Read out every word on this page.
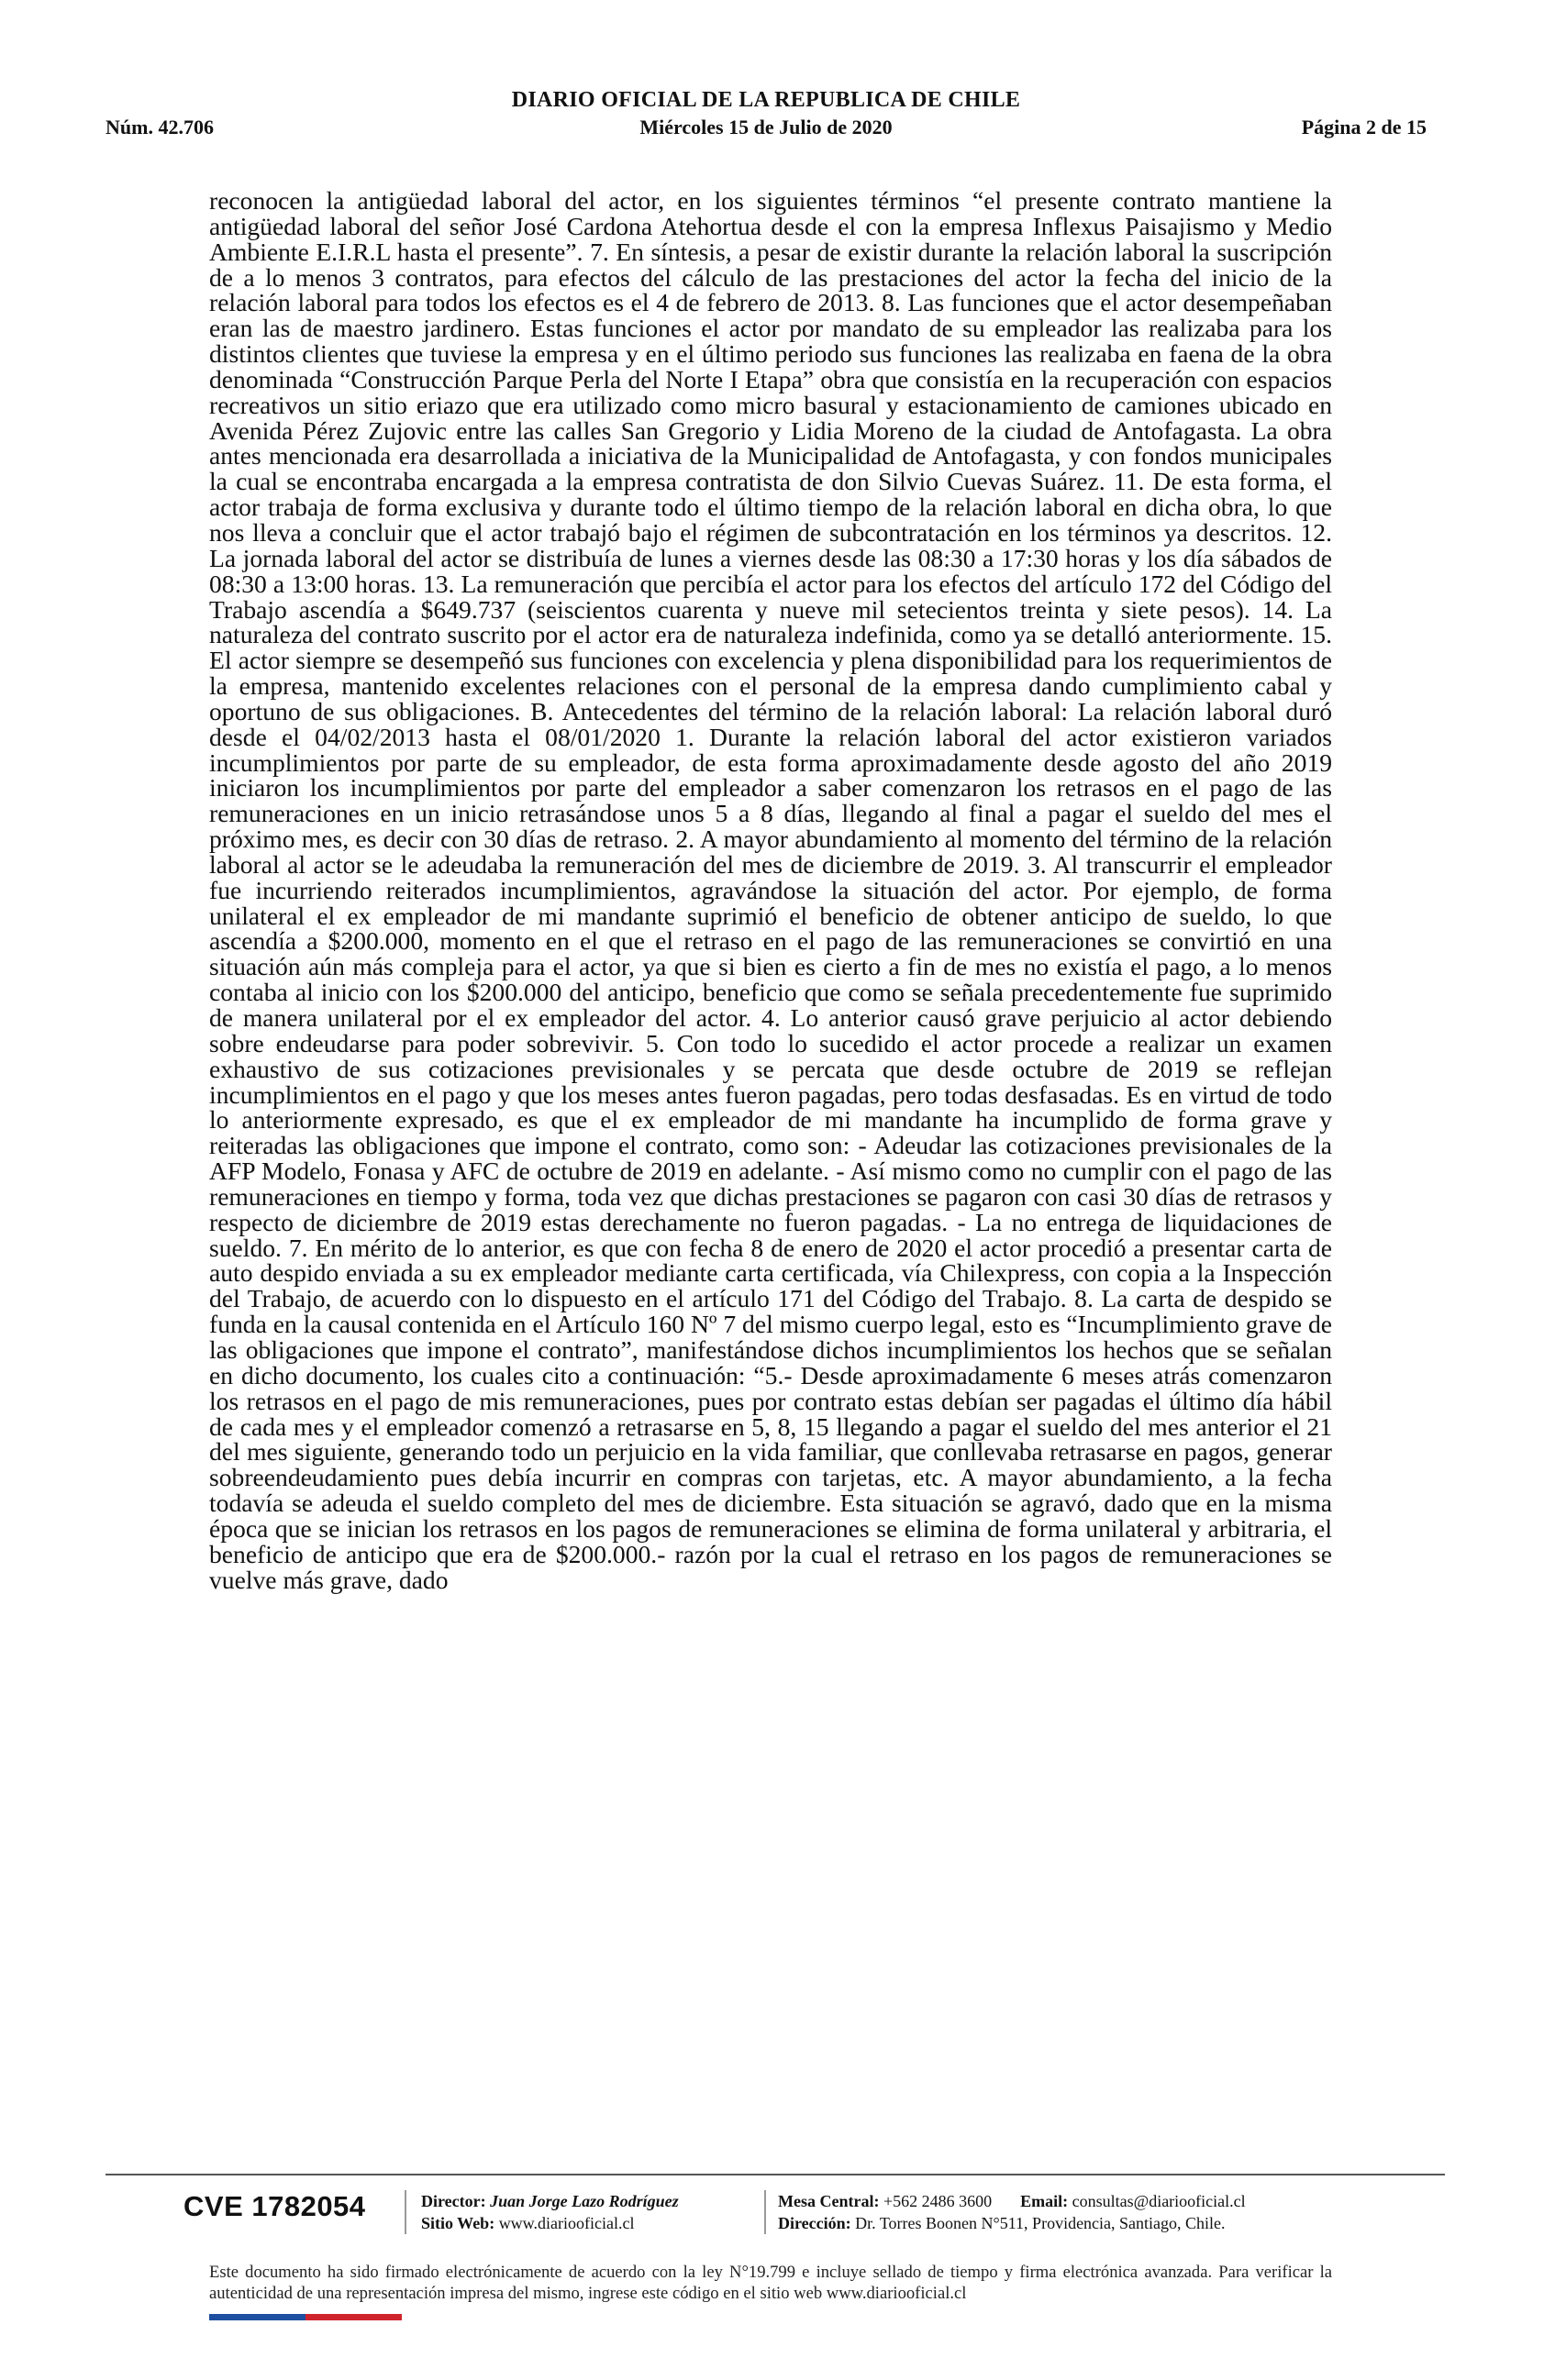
DIARIO OFICIAL DE LA REPUBLICA DE CHILE
Núm. 42.706	Miércoles 15 de Julio de 2020	Página 2 de 15

reconocen la antigüedad laboral del actor, en los siguientes términos “el presente contrato mantiene la antigüedad laboral del señor José Cardona Atehortua desde el con la empresa Inflexus Paisajismo y Medio Ambiente E.I.R.L hasta el presente”. 7. En síntesis, a pesar de existir durante la relación laboral la suscripción de a lo menos 3 contratos, para efectos del cálculo de las prestaciones del actor la fecha del inicio de la relación laboral para todos los efectos es el 4 de febrero de 2013. 8. Las funciones que el actor desempeñaban eran las de maestro jardinero. Estas funciones el actor por mandato de su empleador las realizaba para los distintos clientes que tuviese la empresa y en el último periodo sus funciones las realizaba en faena de la obra denominada “Construcción Parque Perla del Norte I Etapa” obra que consistía en la recuperación con espacios recreativos un sitio eriazo que era utilizado como micro basural y estacionamiento de camiones ubicado en Avenida Pérez Zujovic entre las calles San Gregorio y Lidia Moreno de la ciudad de Antofagasta. La obra antes mencionada era desarrollada a iniciativa de la Municipalidad de Antofagasta, y con fondos municipales la cual se encontraba encargada a la empresa contratista de don Silvio Cuevas Suárez. 11. De esta forma, el actor trabaja de forma exclusiva y durante todo el último tiempo de la relación laboral en dicha obra, lo que nos lleva a concluir que el actor trabajó bajo el régimen de subcontratación en los términos ya descritos. 12. La jornada laboral del actor se distribuía de lunes a viernes desde las 08:30 a 17:30 horas y los día sábados de 08:30 a 13:00 horas. 13. La remuneración que percibía el actor para los efectos del artículo 172 del Código del Trabajo ascendía a $649.737 (seiscientos cuarenta y nueve mil setecientos treinta y siete pesos). 14. La naturaleza del contrato suscrito por el actor era de naturaleza indefinida, como ya se detalló anteriormente. 15. El actor siempre se desempeñó sus funciones con excelencia y plena disponibilidad para los requerimientos de la empresa, mantenido excelentes relaciones con el personal de la empresa dando cumplimiento cabal y oportuno de sus obligaciones. B. Antecedentes del término de la relación laboral: La relación laboral duró desde el 04/02/2013 hasta el 08/01/2020 1. Durante la relación laboral del actor existieron variados incumplimientos por parte de su empleador, de esta forma aproximadamente desde agosto del año 2019 iniciaron los incumplimientos por parte del empleador a saber comenzaron los retrasos en el pago de las remuneraciones en un inicio retrasándose unos 5 a 8 días, llegando al final a pagar el sueldo del mes el próximo mes, es decir con 30 días de retraso. 2. A mayor abundamiento al momento del término de la relación laboral al actor se le adeudaba la remuneración del mes de diciembre de 2019. 3. Al transcurrir el empleador fue incurriendo reiterados incumplimientos, agravándose la situación del actor. Por ejemplo, de forma unilateral el ex empleador de mi mandante suprimió el beneficio de obtener anticipo de sueldo, lo que ascendía a $200.000, momento en el que el retraso en el pago de las remuneraciones se convirtió en una situación aún más compleja para el actor, ya que si bien es cierto a fin de mes no existía el pago, a lo menos contaba al inicio con los $200.000 del anticipo, beneficio que como se señala precedentemente fue suprimido de manera unilateral por el ex empleador del actor. 4. Lo anterior causó grave perjuicio al actor debiendo sobre endeudarse para poder sobrevivir. 5. Con todo lo sucedido el actor procede a realizar un examen exhaustivo de sus cotizaciones previsionales y se percata que desde octubre de 2019 se reflejan incumplimientos en el pago y que los meses antes fueron pagadas, pero todas desfasadas. Es en virtud de todo lo anteriormente expresado, es que el ex empleador de mi mandante ha incumplido de forma grave y reiteradas las obligaciones que impone el contrato, como son: - Adeudar las cotizaciones previsionales de la AFP Modelo, Fonasa y AFC de octubre de 2019 en adelante. - Así mismo como no cumplir con el pago de las remuneraciones en tiempo y forma, toda vez que dichas prestaciones se pagaron con casi 30 días de retrasos y respecto de diciembre de 2019 estas derechamente no fueron pagadas. - La no entrega de liquidaciones de sueldo. 7. En mérito de lo anterior, es que con fecha 8 de enero de 2020 el actor procedió a presentar carta de auto despido enviada a su ex empleador mediante carta certificada, vía Chilexpress, con copia a la Inspección del Trabajo, de acuerdo con lo dispuesto en el artículo 171 del Código del Trabajo. 8. La carta de despido se funda en la causal contenida en el Artículo 160 Nº 7 del mismo cuerpo legal, esto es “Incumplimiento grave de las obligaciones que impone el contrato”, manifestándose dichos incumplimientos los hechos que se señalan en dicho documento, los cuales cito a continuación: “5.- Desde aproximadamente 6 meses atrás comenzaron los retrasos en el pago de mis remuneraciones, pues por contrato estas debían ser pagadas el último día hábil de cada mes y el empleador comenzó a retrasarse en 5, 8, 15 llegando a pagar el sueldo del mes anterior el 21 del mes siguiente, generando todo un perjuicio en la vida familiar, que conllevaba retrasarse en pagos, generar sobreendeudamiento pues debía incurrir en compras con tarjetas, etc. A mayor abundamiento, a la fecha todavía se adeuda el sueldo completo del mes de diciembre. Esta situación se agravó, dado que en la misma época que se inician los retrasos en los pagos de remuneraciones se elimina de forma unilateral y arbitraria, el beneficio de anticipo que era de $200.000.- razón por la cual el retraso en los pagos de remuneraciones se vuelve más grave, dado

CVE 1782054	Director: Juan Jorge Lazo Rodríguez
Sitio Web: www.diariooficial.cl
Mesa Central: +562 2486 3600 Email: consultas@diariooficial.cl
Dirección: Dr. Torres Boonen N°511, Providencia, Santiago, Chile.
Este documento ha sido firmado electrónicamente de acuerdo con la ley N°19.799 e incluye sellado de tiempo y firma electrónica avanzada. Para verificar la autenticidad de una representación impresa del mismo, ingrese este código en el sitio web www.diariooficial.cl
